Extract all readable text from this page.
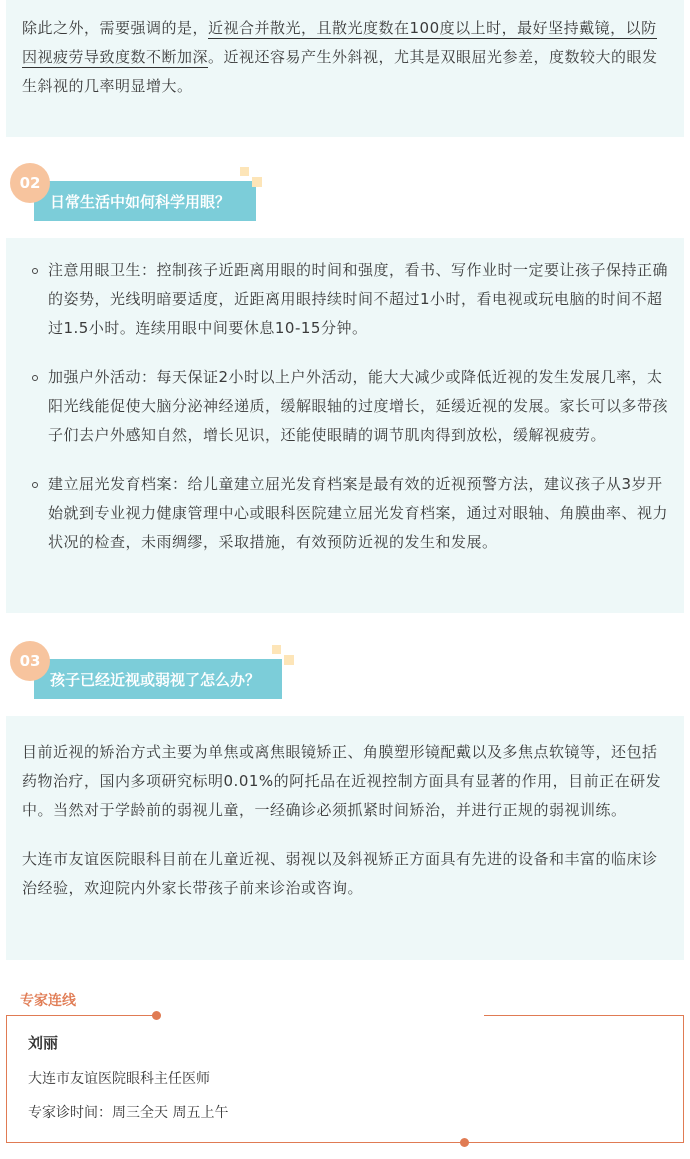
除此之外，需要强调的是，近视合并散光，且散光度数在100度以上时，最好坚持戴镜，以防因视疲劳导致度数不断加深。近视还容易产生外斜视，尤其是双眼屈光参差，度数较大的眼发生斜视的几率明显增大。

日常生活中如何科学用眼？
02
注意用眼卫生：控制孩子近距离用眼的时间和强度，看书、写作业时一定要让孩子保持正确的姿势，光线明暗要适度，近距离用眼持续时间不超过1小时，看电视或玩电脑的时间不超过1.5小时。连续用眼中间要休息10-15分钟。
加强户外活动：每天保证2小时以上户外活动，能大大减少或降低近视的发生发展几率，太阳光线能促使大脑分泌神经递质，缓解眼轴的过度增长，延缓近视的发展。家长可以多带孩子们去户外感知自然，增长见识，还能使眼睛的调节肌肉得到放松，缓解视疲劳。
建立屈光发育档案：给儿童建立屈光发育档案是最有效的近视预警方法，建议孩子从3岁开始就到专业视力健康管理中心或眼科医院建立屈光发育档案，通过对眼轴、角膜曲率、视力状况的检查，未雨绸缪，采取措施，有效预防近视的发生和发展。
孩子已经近视或弱视了怎么办？
03

目前近视的矫治方式主要为单焦或离焦眼镜矫正、角膜塑形镜配戴以及多焦点软镜等，还包括药物治疗，国内多项研究标明0.01%的阿托品在近视控制方面具有显著的作用，目前正在研发中。当然对于学龄前的弱视儿童，一经确诊必须抓紧时间矫治，并进行正规的弱视训练。

大连市友谊医院眼科目前在儿童近视、弱视以及斜视矫正方面具有先进的设备和丰富的临床诊治经验，欢迎院内外家长带孩子前来诊治或咨询。

专家连线
刘丽
大连市友谊医院眼科主任医师
专家诊时间：周三全天 周五上午
